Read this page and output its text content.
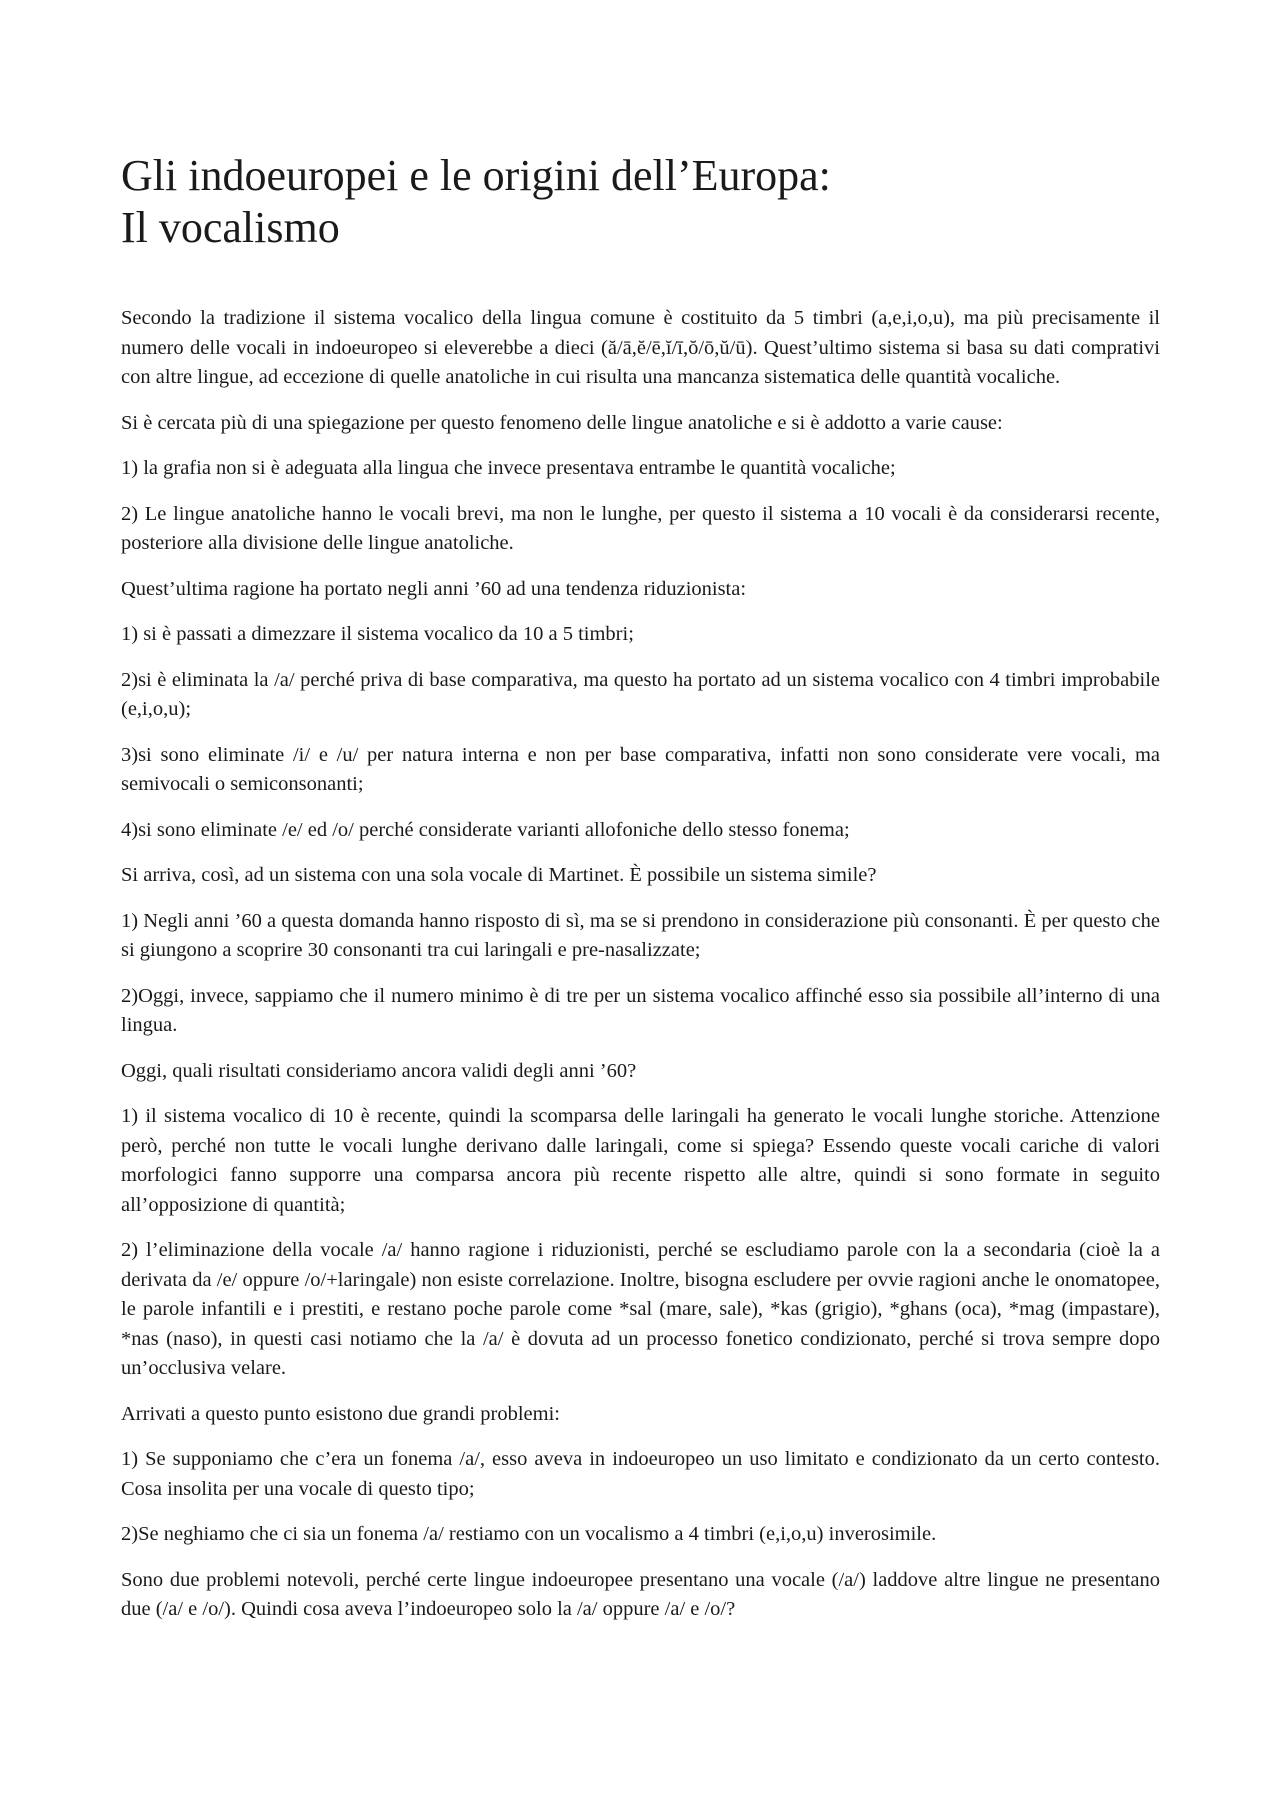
Gli indoeuropei e le origini dell’Europa:
Il vocalismo

Secondo la tradizione il sistema vocalico della lingua comune è costituito da 5 timbri (a,e,i,o,u), ma più precisamente il numero delle vocali in indoeuropeo si eleverebbe a dieci (ă/ā,ĕ/ē,ĭ/ī,ŏ/ō,ŭ/ū). Quest’ultimo sistema si basa su dati comprativi con altre lingue, ad eccezione di quelle anatoliche in cui risulta una mancanza sistematica delle quantità vocaliche.

Si è cercata più di una spiegazione per questo fenomeno delle lingue anatoliche e si è addotto a varie cause:

1) la grafia non si è adeguata alla lingua che invece presentava entrambe le quantità vocaliche;

2) Le lingue anatoliche hanno le vocali brevi, ma non le lunghe, per questo il sistema a 10 vocali è da considerarsi recente, posteriore alla divisione delle lingue anatoliche.

Quest’ultima ragione ha portato negli anni ’60 ad una tendenza riduzionista:

1) si è passati a dimezzare il sistema vocalico da 10 a 5 timbri;

2)si è eliminata la /a/ perché priva di base comparativa, ma questo ha portato ad un sistema vocalico con 4 timbri improbabile (e,i,o,u);

3)si sono eliminate /i/ e /u/ per natura interna e non per base comparativa, infatti non sono considerate vere vocali, ma semivocali o semiconsonanti;

4)si sono eliminate /e/ ed /o/ perché considerate varianti allofoniche dello stesso fonema;

Si arriva, così, ad un sistema con una sola vocale di Martinet. È possibile un sistema simile?

1) Negli anni ’60 a questa domanda hanno risposto di sì, ma se si prendono in considerazione più consonanti. È per questo che si giungono a scoprire 30 consonanti tra cui laringali e pre-nasalizzate;

2)Oggi, invece, sappiamo che il numero minimo è di tre per un sistema vocalico affinché esso sia possibile all’interno di una lingua.

Oggi, quali risultati consideriamo ancora validi degli anni ’60?

1) il sistema vocalico di 10 è recente, quindi la scomparsa delle laringali ha generato le vocali lunghe storiche. Attenzione però, perché non tutte le vocali lunghe derivano dalle laringali, come si spiega? Essendo queste vocali cariche di valori morfologici fanno supporre una comparsa ancora più recente rispetto alle altre, quindi si sono formate in seguito all’opposizione di quantità;

2) l’eliminazione della vocale /a/ hanno ragione i riduzionisti, perché se escludiamo parole con la a secondaria (cioè la a derivata da /e/ oppure /o/+laringale) non esiste correlazione. Inoltre, bisogna escludere per ovvie ragioni anche le onomatopee, le parole infantili e i prestiti, e restano poche parole come *sal (mare, sale), *kas (grigio), *ghans (oca), *mag (impastare), *nas (naso), in questi casi notiamo che la /a/ è dovuta ad un processo fonetico condizionato, perché si trova sempre dopo un’occlusiva velare.

Arrivati a questo punto esistono due grandi problemi:

1) Se supponiamo che c’era un fonema /a/, esso aveva in indoeuropeo un uso limitato e condizionato da un certo contesto. Cosa insolita per una vocale di questo tipo;

2)Se neghiamo che ci sia un fonema /a/ restiamo con un vocalismo a 4 timbri (e,i,o,u) inverosimile.

Sono due problemi notevoli, perché certe lingue indoeuropee presentano una vocale (/a/) laddove altre lingue ne presentano due (/a/ e /o/). Quindi cosa aveva l’indoeuropeo solo la /a/ oppure /a/ e /o/?
